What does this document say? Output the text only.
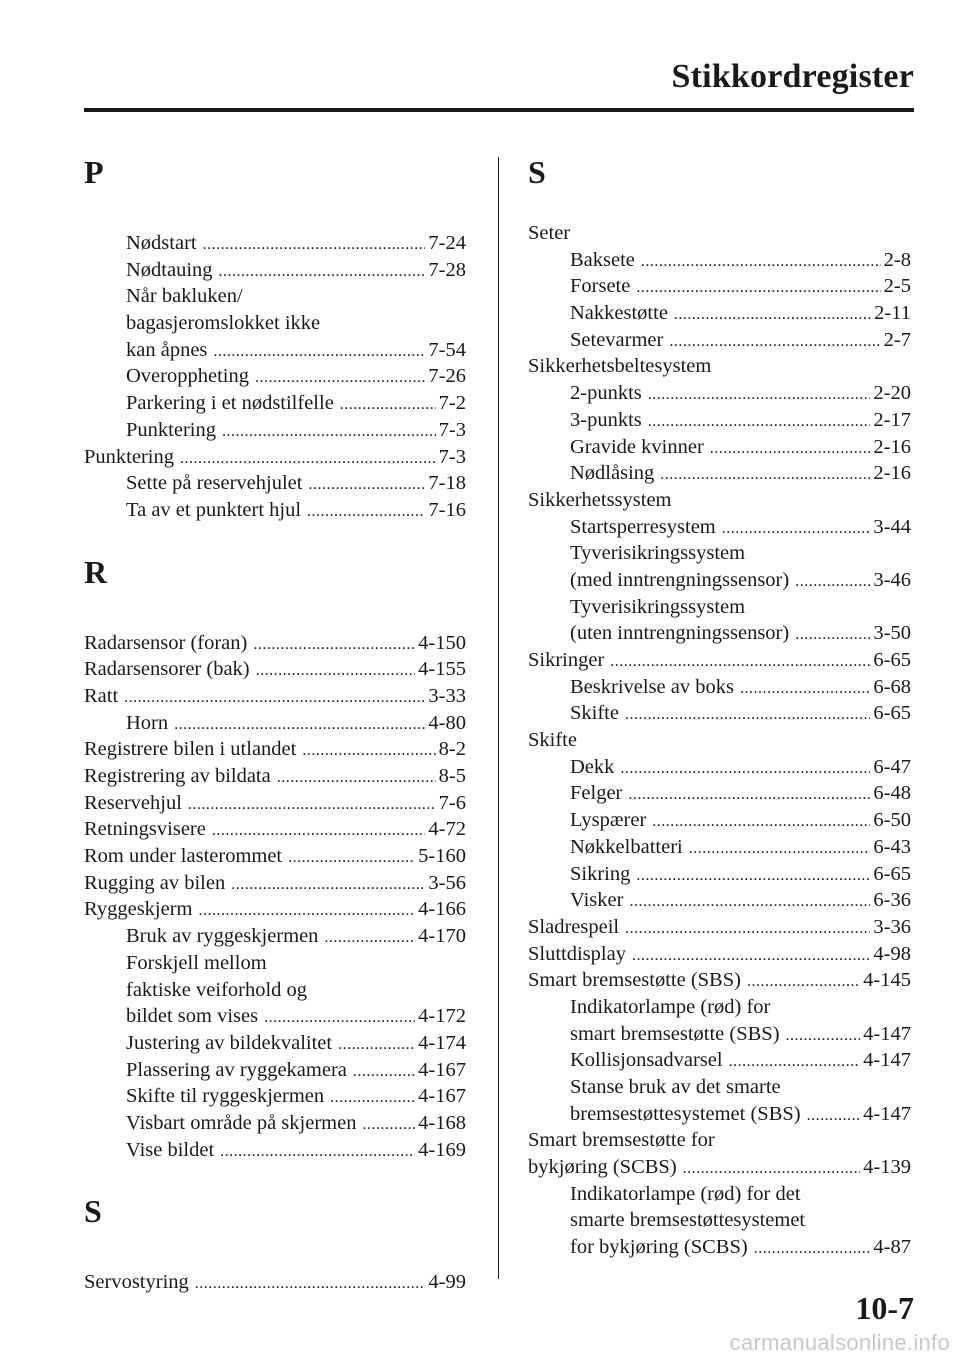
Stikkordregister
P
Nødstart .....	7-24
Nødtauing .....	7-28
Når bakluken/
bagasjeromslokket ikke
kan åpnes .....	7-54
Overoppheting .....	7-26
Parkering i et nødstilfelle .....	7-2
Punktering .....	7-3
Punktering .....	7-3
Sette på reservehjulet .....	7-18
Ta av et punktert hjul .....	7-16
R
Radarsensor (foran) .....	4-150
Radarsensorer (bak) .....	4-155
Ratt .....	3-33
Horn .....	4-80
Registrere bilen i utlandet .....	8-2
Registrering av bildata .....	8-5
Reservehjul .....	7-6
Retningsvisere .....	4-72
Rom under lasterommet .....	5-160
Rugging av bilen .....	3-56
Ryggeskjerm .....	4-166
Bruk av ryggeskjermen .....	4-170
Forskjell mellom
faktiske veiforhold og
bildet som vises .....	4-172
Justering av bildekvalitet .....	4-174
Plassering av ryggekamera .....	4-167
Skifte til ryggeskjermen .....	4-167
Visbart område på skjermen .....	4-168
Vise bildet .....	4-169
S
Servostyring .....	4-99
S
Seter
Baksete .....	2-8
Forsete .....	2-5
Nakkestøtte .....	2-11
Setevarmer .....	2-7
Sikkerhetsbeltesystem
2-punkts .....	2-20
3-punkts .....	2-17
Gravide kvinner .....	2-16
Nødlåsing .....	2-16
Sikkerhetssystem
Startsperresystem .....	3-44
Tyverisikringssystem
(med inntrengningssensor) .....	3-46
Tyverisikringssystem
(uten inntrengningssensor) .....	3-50
Sikringer .....	6-65
Beskrivelse av boks .....	6-68
Skifte .....	6-65
Skifte
Dekk .....	6-47
Felger .....	6-48
Lyspærer .....	6-50
Nøkkelbatteri .....	6-43
Sikring .....	6-65
Visker .....	6-36
Sladrespeil .....	3-36
Sluttdisplay .....	4-98
Smart bremsestøtte (SBS) .....	4-145
Indikatorlampe (rød) for
smart bremsestøtte (SBS) .....	4-147
Kollisjonsadvarsel .....	4-147
Stanse bruk av det smarte
bremsestøttesystemet (SBS) .....	4-147
Smart bremsestøtte for
bykjøring (SCBS) .....	4-139
Indikatorlampe (rød) for det
smarte bremsestøttesystemet
for bykjøring (SCBS) .....	4-87
10-7
carmanualsonline.info
